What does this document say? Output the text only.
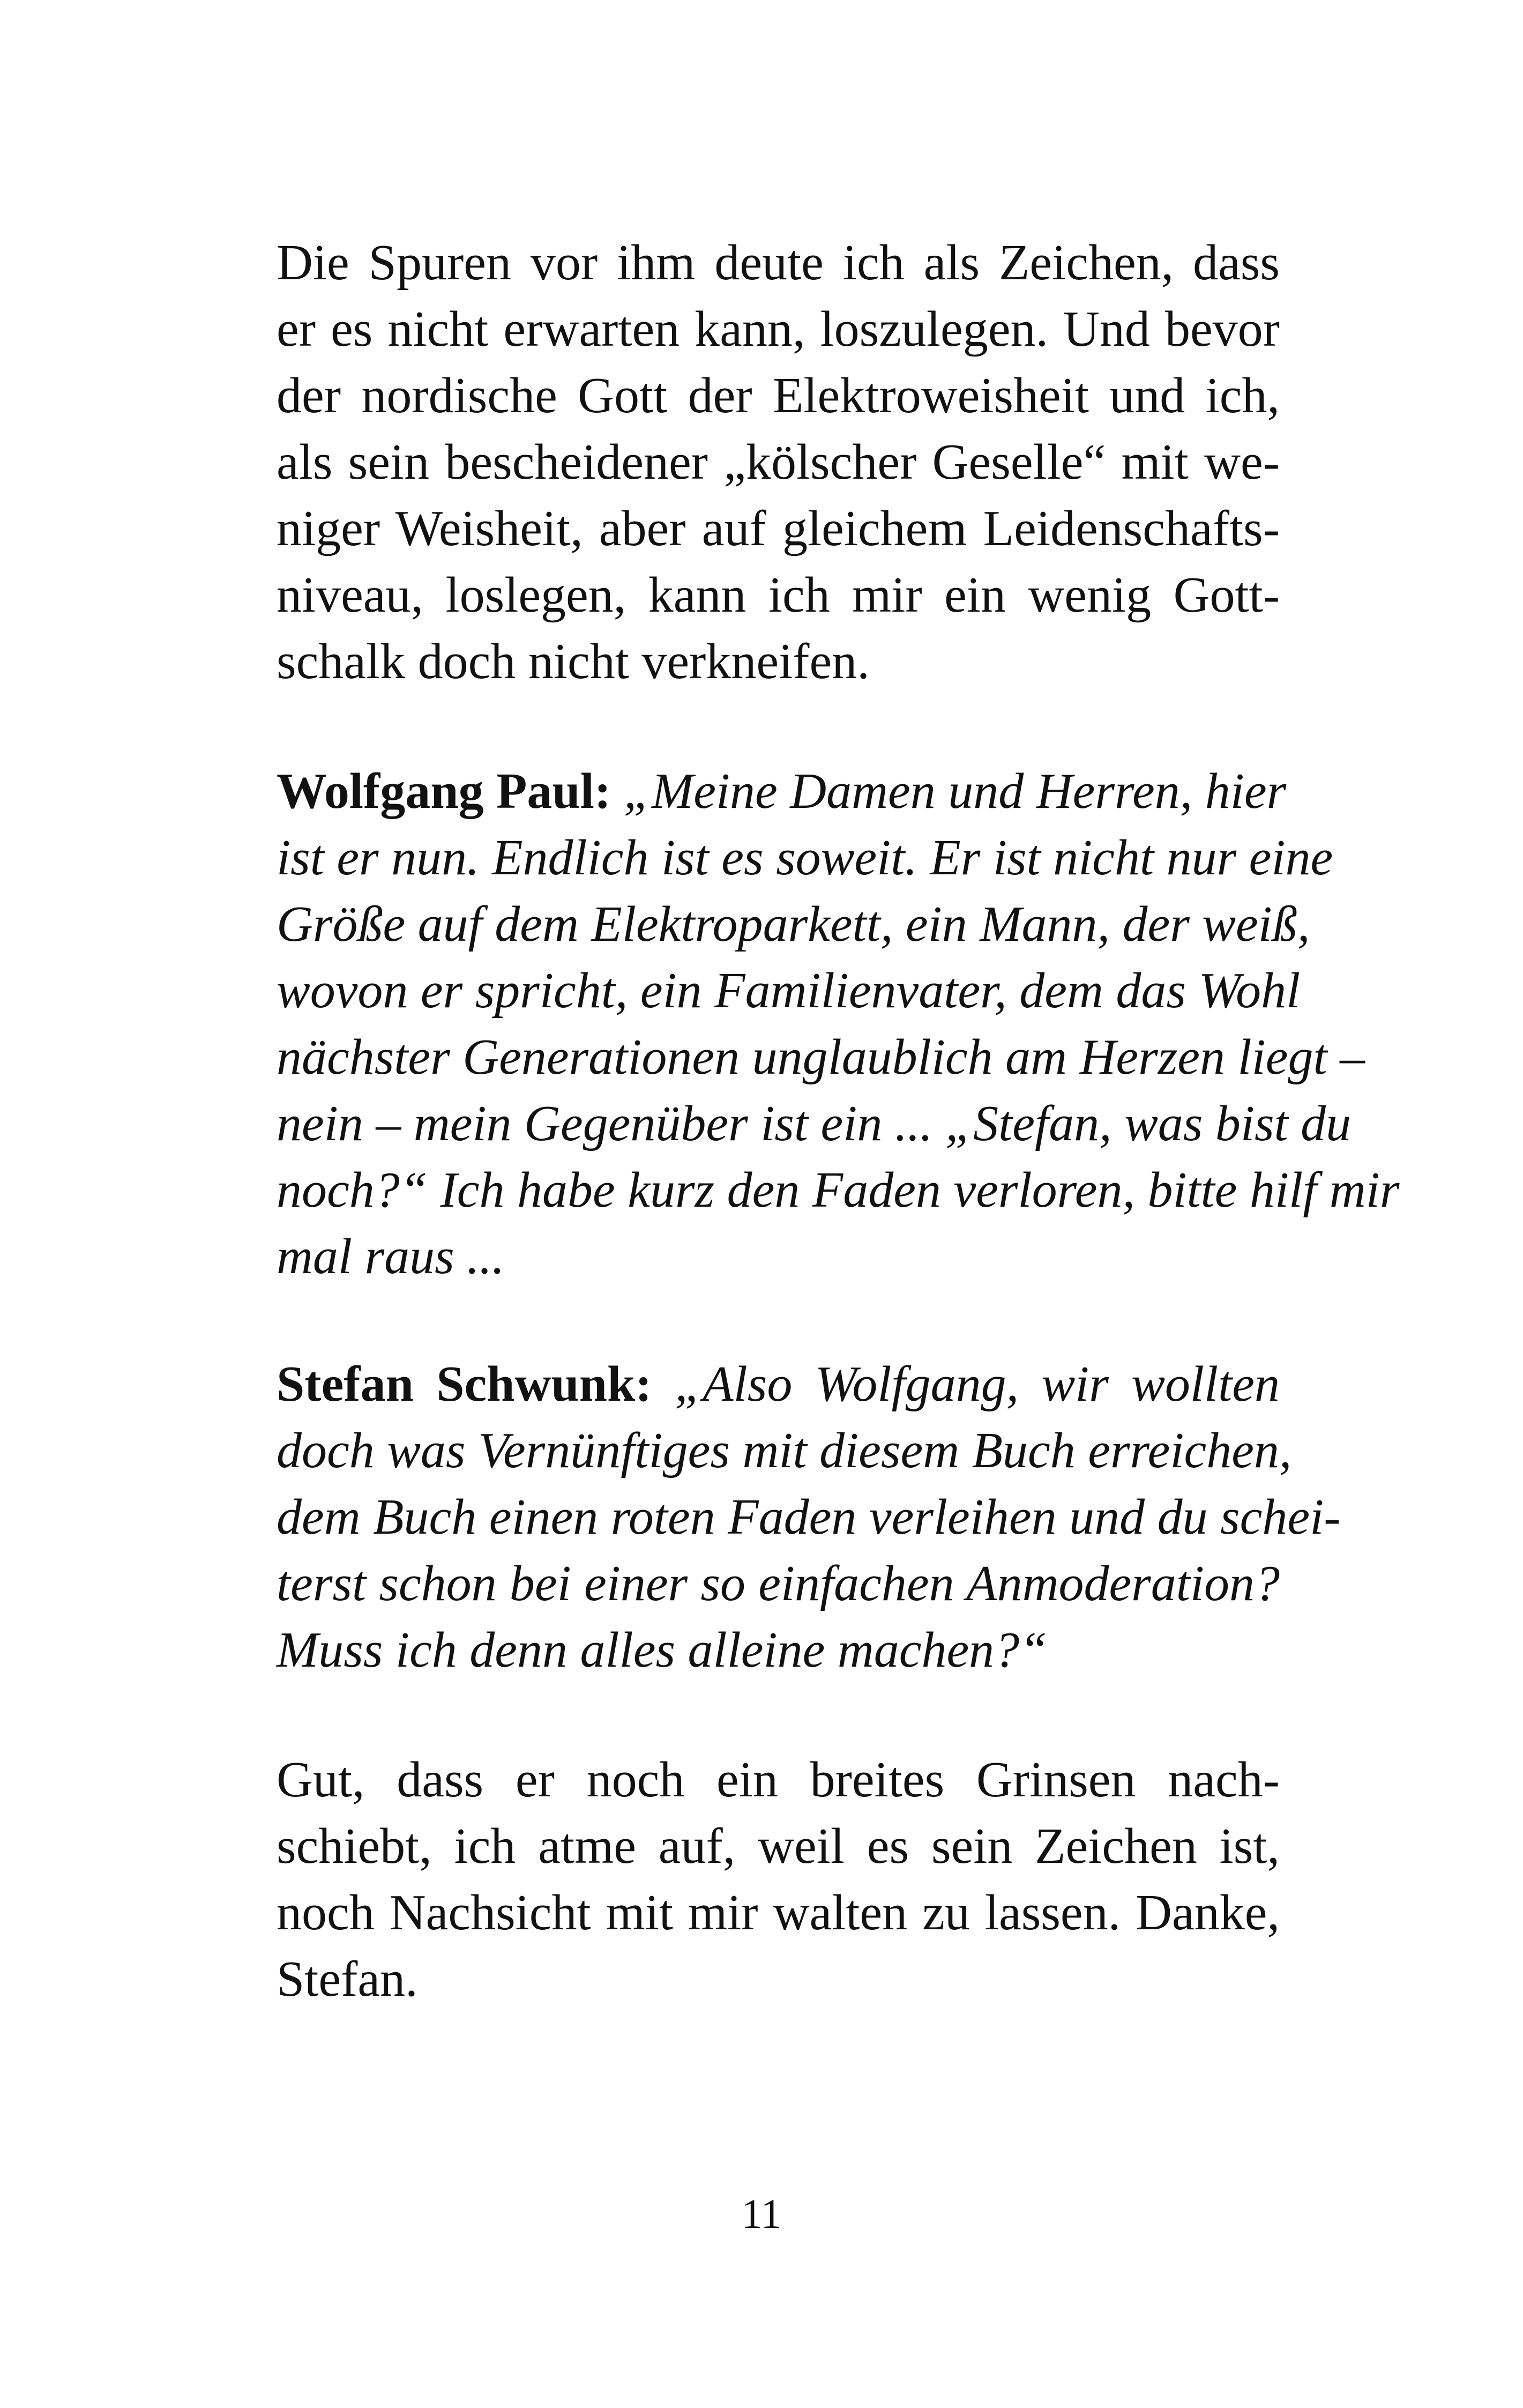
Die Spuren vor ihm deute ich als Zeichen, dass
er es nicht erwarten kann, loszulegen. Und bevor
der nordische Gott der Elektroweisheit und ich,
als sein bescheidener „kölscher Geselle“ mit we-
niger Weisheit, aber auf gleichem Leidenschafts-
niveau, loslegen, kann ich mir ein wenig Gott-
schalk doch nicht verkneifen.
Wolfgang Paul: „Meine Damen und Herren, hier
ist er nun. Endlich ist es soweit. Er ist nicht nur eine
Größe auf dem Elektroparkett, ein Mann, der weiß,
wovon er spricht, ein Familienvater, dem das Wohl
nächster Generationen unglaublich am Herzen liegt –
nein – mein Gegenüber ist ein ... „Stefan, was bist du
noch?“ Ich habe kurz den Faden verloren, bitte hilf mir
mal raus ...
Stefan Schwunk: „Also Wolfgang, wir wollten
doch was Vernünftiges mit diesem Buch erreichen,
dem Buch einen roten Faden verleihen und du schei-
terst schon bei einer so einfachen Anmoderation?
Muss ich denn alles alleine machen?“
Gut, dass er noch ein breites Grinsen nach-
schiebt, ich atme auf, weil es sein Zeichen ist,
noch Nachsicht mit mir walten zu lassen. Danke,
Stefan.
11
